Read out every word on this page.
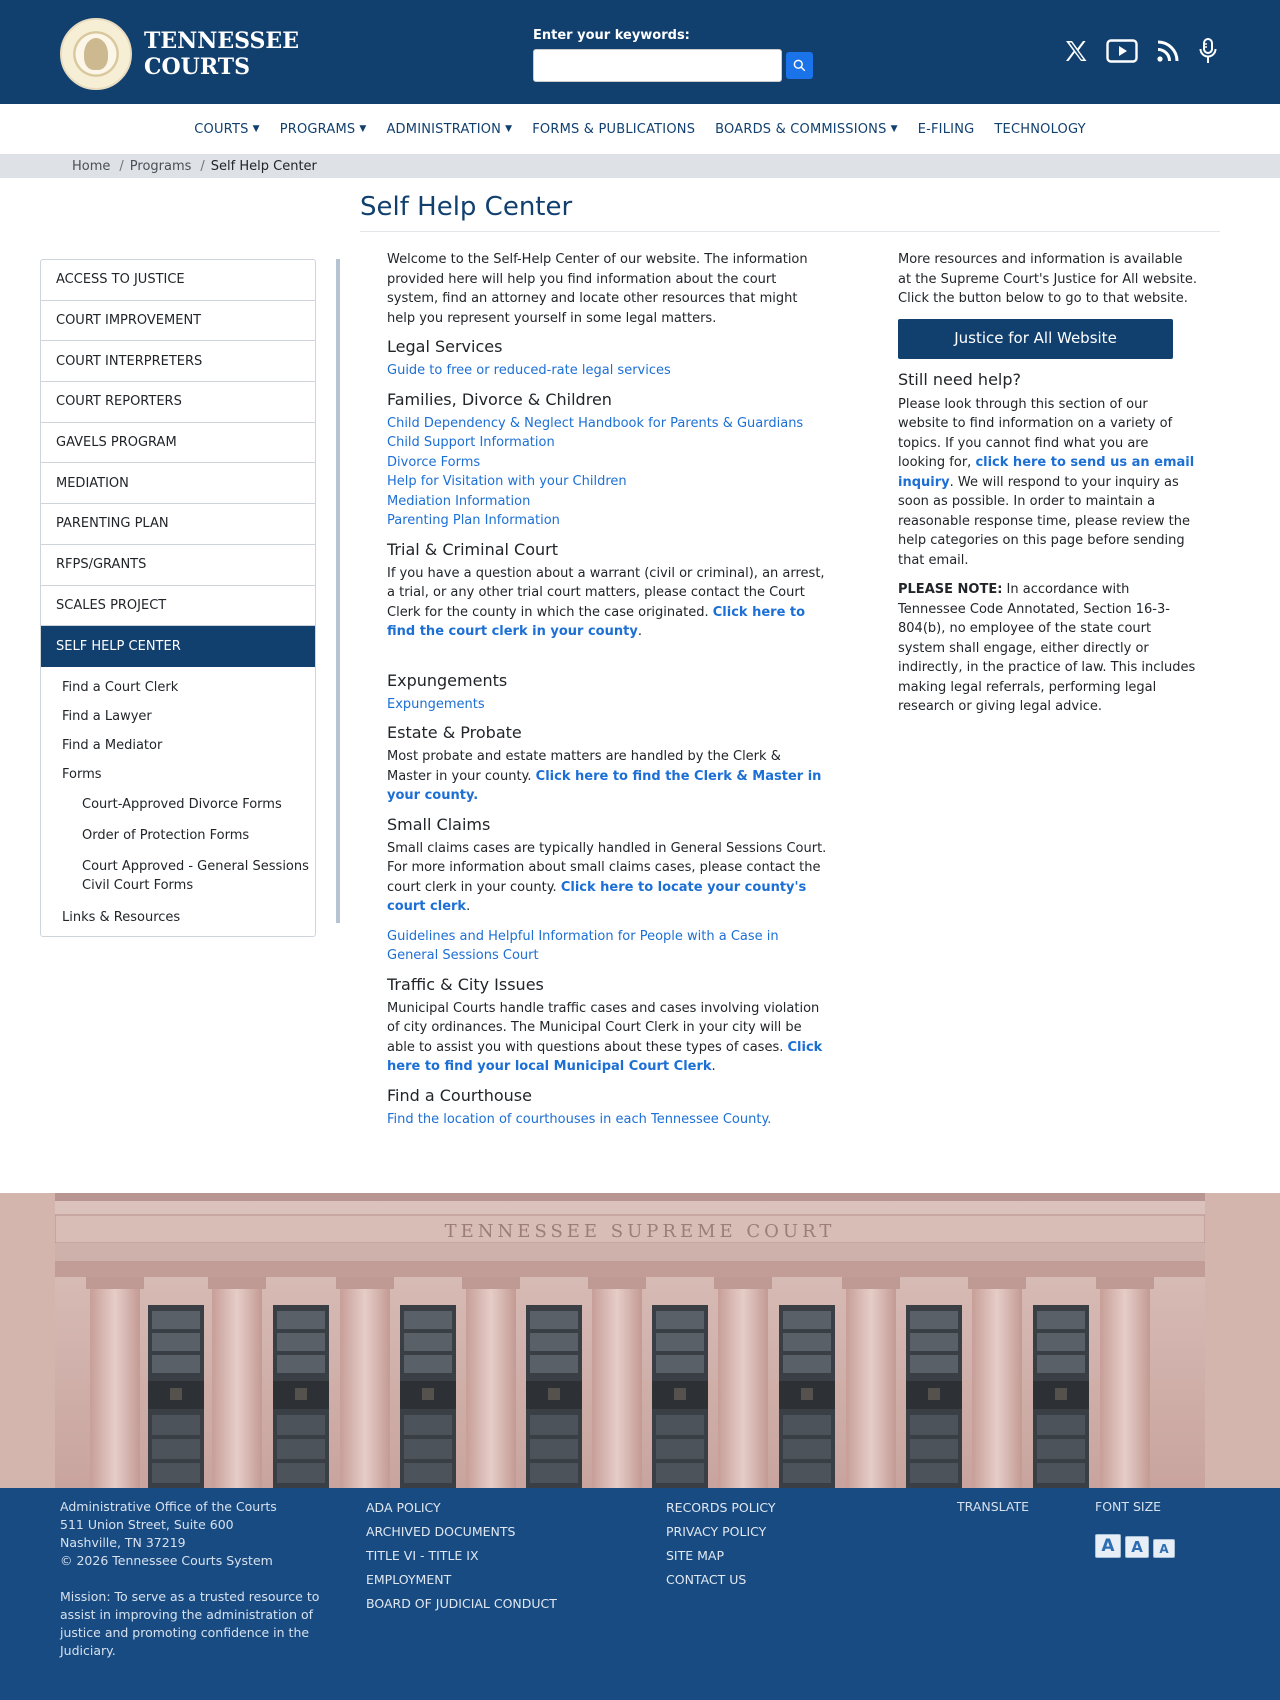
TENNESSEE
COURTS
Enter your keywords:
COURTS ▼ PROGRAMS ▼ ADMINISTRATION ▼ FORMS & PUBLICATIONS BOARDS & COMMISSIONS ▼ E-FILING TECHNOLOGY
Home / Programs / Self Help Center
Self Help Center
ACCESS TO JUSTICE
COURT IMPROVEMENT
COURT INTERPRETERS
COURT REPORTERS
GAVELS PROGRAM
MEDIATION
PARENTING PLAN
RFPS/GRANTS
SCALES PROJECT
SELF HELP CENTER
Find a Court Clerk
Find a Lawyer
Find a Mediator
Forms
Court-Approved Divorce Forms
Order of Protection Forms
Court Approved - General Sessions Civil Court Forms
Links & Resources

Welcome to the Self-Help Center of our website. The information provided here will help you find information about the court system, find an attorney and locate other resources that might help you represent yourself in some legal matters.

Legal Services
Guide to free or reduced-rate legal services
Families, Divorce & Children
Child Dependency & Neglect Handbook for Parents & Guardians
Child Support Information
Divorce Forms
Help for Visitation with your Children
Mediation Information
Parenting Plan Information
Trial & Criminal Court

If you have a question about a warrant (civil or criminal), an arrest, a trial, or any other trial court matters, please contact the Court Clerk for the county in which the case originated. Click here to find the court clerk in your county.

Expungements
Expungements
Estate & Probate

Most probate and estate matters are handled by the Clerk & Master in your county. Click here to find the Clerk & Master in your county.

Small Claims

Small claims cases are typically handled in General Sessions Court. For more information about small claims cases, please contact the court clerk in your county. Click here to locate your county's court clerk.

Guidelines and Helpful Information for People with a Case in General Sessions Court
Traffic & City Issues

Municipal Courts handle traffic cases and cases involving violation of city ordinances. The Municipal Court Clerk in your city will be able to assist you with questions about these types of cases. Click here to find your local Municipal Court Clerk.

Find a Courthouse
Find the location of courthouses in each Tennessee County.

More resources and information is available at the Supreme Court's Justice for All website. Click the button below to go to that website.

Justice for All Website
Still need help?

Please look through this section of our website to find information on a variety of topics. If you cannot find what you are looking for, click here to send us an email inquiry. We will respond to your inquiry as soon as possible. In order to maintain a reasonable response time, please review the help categories on this page before sending that email.

PLEASE NOTE: In accordance with Tennessee Code Annotated, Section 16-3-804(b), no employee of the state court system shall engage, either directly or indirectly, in the practice of law. This includes making legal referrals, performing legal research or giving legal advice.

TENNESSEE SUPREME COURT

Administrative Office of the Courts

511 Union Street, Suite 600

Nashville, TN 37219

© 2026 Tennessee Courts System

Mission: To serve as a trusted resource to assist in improving the administration of justice and promoting confidence in the Judiciary.

ADA POLICY
ARCHIVED DOCUMENTS
TITLE VI - TITLE IX
EMPLOYMENT
BOARD OF JUDICIAL CONDUCT
RECORDS POLICY
PRIVACY POLICY
SITE MAP
CONTACT US
TRANSLATE	FONT SIZE
A A A
